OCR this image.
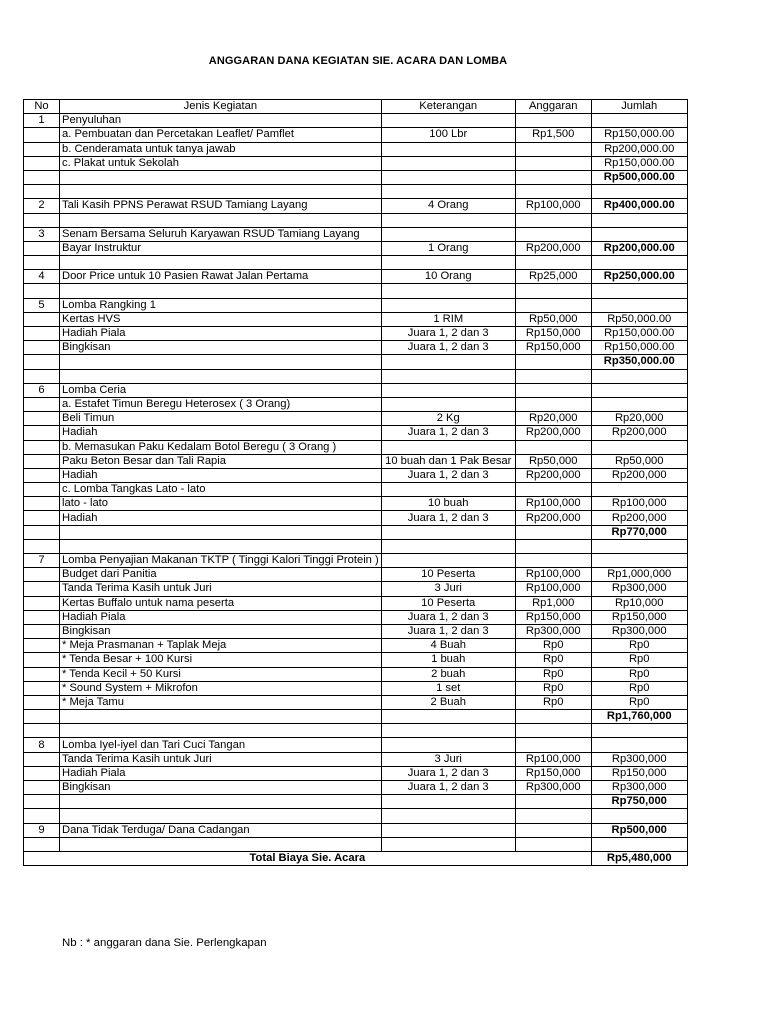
ANGGARAN DANA KEGIATAN SIE. ACARA DAN LOMBA
No	Jenis Kegiatan	Keterangan	Anggaran	Jumlah
1	Penyuluhan			
	a. Pembuatan dan Percetakan Leaflet/ Pamflet	100 Lbr	Rp1,500	Rp150,000.00
	b. Cenderamata untuk tanya jawab			Rp200,000.00
	c. Plakat untuk Sekolah			Rp150,000.00
				Rp500,000.00

2	Tali Kasih PPNS Perawat RSUD Tamiang Layang	4 Orang	Rp100,000	Rp400,000.00

3	Senam Bersama Seluruh Karyawan RSUD Tamiang Layang			
	Bayar Instruktur	1 Orang	Rp200,000	Rp200,000.00

4	Door Price untuk 10 Pasien Rawat Jalan Pertama	10 Orang	Rp25,000	Rp250,000.00

5	Lomba Rangking 1			
	Kertas HVS	1 RIM	Rp50,000	Rp50,000.00
	Hadiah Piala	Juara 1, 2 dan 3	Rp150,000	Rp150,000.00
	Bingkisan	Juara 1, 2 dan 3	Rp150,000	Rp150,000.00
				Rp350,000.00

6	Lomba Ceria			
	a. Estafet Timun Beregu Heterosex ( 3 Orang)			
	Beli Timun	2 Kg	Rp20,000	Rp20,000
	Hadiah	Juara 1, 2 dan 3	Rp200,000	Rp200,000
	b. Memasukan Paku Kedalam Botol Beregu ( 3 Orang )			
	Paku Beton Besar dan Tali Rapia	10 buah dan 1 Pak Besar	Rp50,000	Rp50,000
	Hadiah	Juara 1, 2 dan 3	Rp200,000	Rp200,000
	c. Lomba Tangkas Lato - lato			
	lato - lato	10 buah	Rp100,000	Rp100,000
	Hadiah	Juara 1, 2 dan 3	Rp200,000	Rp200,000
				Rp770,000

7	Lomba Penyajian Makanan TKTP ( Tinggi Kalori Tinggi Protein )			
	Budget dari Panitia	10 Peserta	Rp100,000	Rp1,000,000
	Tanda Terima Kasih untuk Juri	3 Juri	Rp100,000	Rp300,000
	Kertas Buffalo untuk nama peserta	10 Peserta	Rp1,000	Rp10,000
	Hadiah Piala	Juara 1, 2 dan 3	Rp150,000	Rp150,000
	Bingkisan	Juara 1, 2 dan 3	Rp300,000	Rp300,000
	* Meja Prasmanan + Taplak Meja	4 Buah	Rp0	Rp0
	* Tenda Besar + 100 Kursi	1 buah	Rp0	Rp0
	* Tenda Kecil + 50 Kursi	2 buah	Rp0	Rp0
	* Sound System + Mikrofon	1 set	Rp0	Rp0
	* Meja Tamu	2 Buah	Rp0	Rp0
				Rp1,760,000

8	Lomba Iyel-iyel dan Tari Cuci Tangan			
	Tanda Terima Kasih untuk Juri	3 Juri	Rp100,000	Rp300,000
	Hadiah Piala	Juara 1, 2 dan 3	Rp150,000	Rp150,000
	Bingkisan	Juara 1, 2 dan 3	Rp300,000	Rp300,000
				Rp750,000

9	Dana Tidak Terduga/ Dana Cadangan			Rp500,000

Total Biaya Sie. Acara				Rp5,480,000
Nb : * anggaran dana Sie. Perlengkapan
